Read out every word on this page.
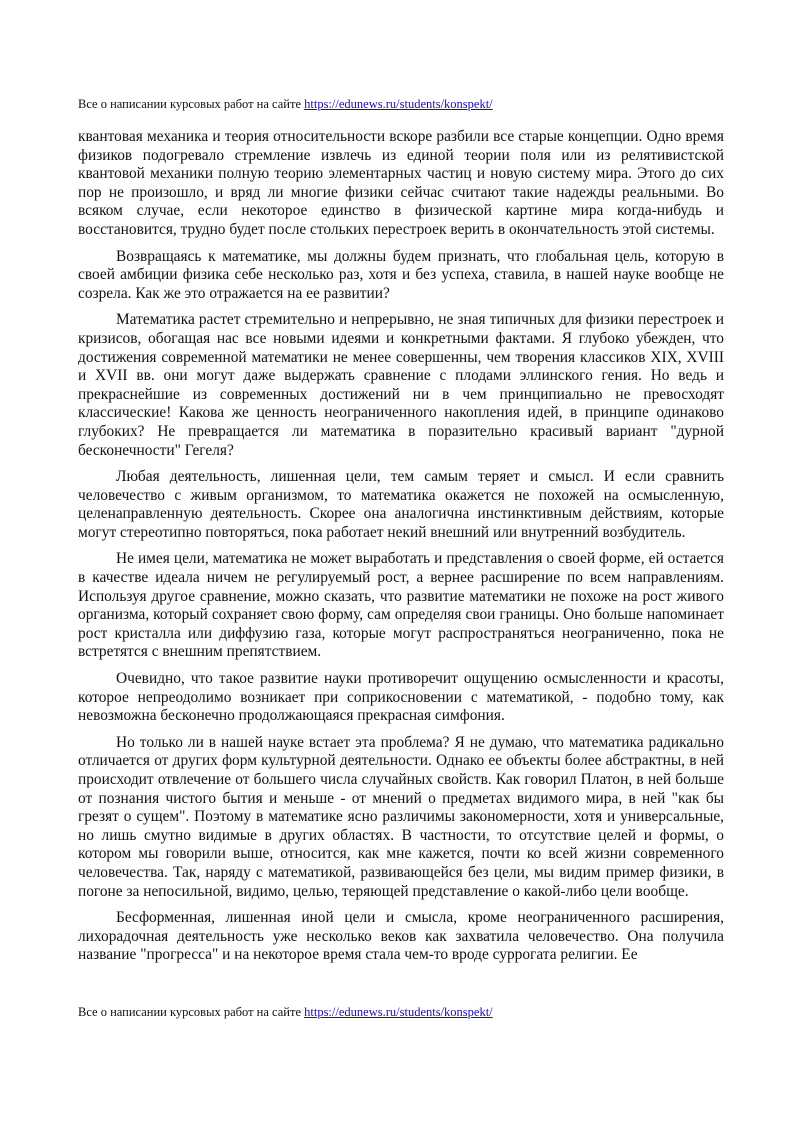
Все о написании курсовых работ на сайте https://edunews.ru/students/konspekt/

квантовая механика и теория относительности вскоре разбили все старые концепции. Одно время физиков подогревало стремление извлечь из единой теории поля или из релятивистской квантовой механики полную теорию элементарных частиц и новую систему мира. Этого до сих пор не произошло, и вряд ли многие физики сейчас считают такие надежды реальными. Во всяком случае, если некоторое единство в физической картине мира когда-нибудь и восстановится, трудно будет после стольких перестроек верить в окончательность этой системы.

Возвращаясь к математике, мы должны будем признать, что глобальная цель, которую в своей амбиции физика себе несколько раз, хотя и без успеха, ставила, в нашей науке вообще не созрела. Как же это отражается на ее развитии?

Математика растет стремительно и непрерывно, не зная типичных для физики перестроек и кризисов, обогащая нас все новыми идеями и конкретными фактами. Я глубоко убежден, что достижения современной математики не менее совершенны, чем творения классиков XIX, XVIII и XVII вв. они могут даже выдержать сравнение с плодами эллинского гения. Но ведь и прекраснейшие из современных достижений ни в чем принципиально не превосходят классические! Какова же ценность неограниченного накопления идей, в принципе одинаково глубоких? Не превращается ли математика в поразительно красивый вариант "дурной бесконечности" Гегеля?

Любая деятельность, лишенная цели, тем самым теряет и смысл. И если сравнить человечество с живым организмом, то математика окажется не похожей на осмысленную, целенаправленную деятельность. Скорее она аналогична инстинктивным действиям, которые могут стереотипно повторяться, пока работает некий внешний или внутренний возбудитель.

Не имея цели, математика не может выработать и представления о своей форме, ей остается в качестве идеала ничем не регулируемый рост, а вернее расширение по всем направлениям. Используя другое сравнение, можно сказать, что развитие математики не похоже на рост живого организма, который сохраняет свою форму, сам определяя свои границы. Оно больше напоминает рост кристалла или диффузию газа, которые могут распространяться неограниченно, пока не встретятся с внешним препятствием.

Очевидно, что такое развитие науки противоречит ощущению осмысленности и красоты, которое непреодолимо возникает при соприкосновении с математикой, - подобно тому, как невозможна бесконечно продолжающаяся прекрасная симфония.

Но только ли в нашей науке встает эта проблема? Я не думаю, что математика радикально отличается от других форм культурной деятельности. Однако ее объекты более абстрактны, в ней происходит отвлечение от большего числа случайных свойств. Как говорил Платон, в ней больше от познания чистого бытия и меньше - от мнений о предметах видимого мира, в ней "как бы грезят о сущем". Поэтому в математике ясно различимы закономерности, хотя и универсальные, но лишь смутно видимые в других областях. В частности, то отсутствие целей и формы, о котором мы говорили выше, относится, как мне кажется, почти ко всей жизни современного человечества. Так, наряду с математикой, развивающейся без цели, мы видим пример физики, в погоне за непосильной, видимо, целью, теряющей представление о какой-либо цели вообще.

Бесформенная, лишенная иной цели и смысла, кроме неограниченного расширения, лихорадочная деятельность уже несколько веков как захватила человечество. Она получила название "прогресса" и на некоторое время стала чем-то вроде суррогата религии. Ее

Все о написании курсовых работ на сайте https://edunews.ru/students/konspekt/
